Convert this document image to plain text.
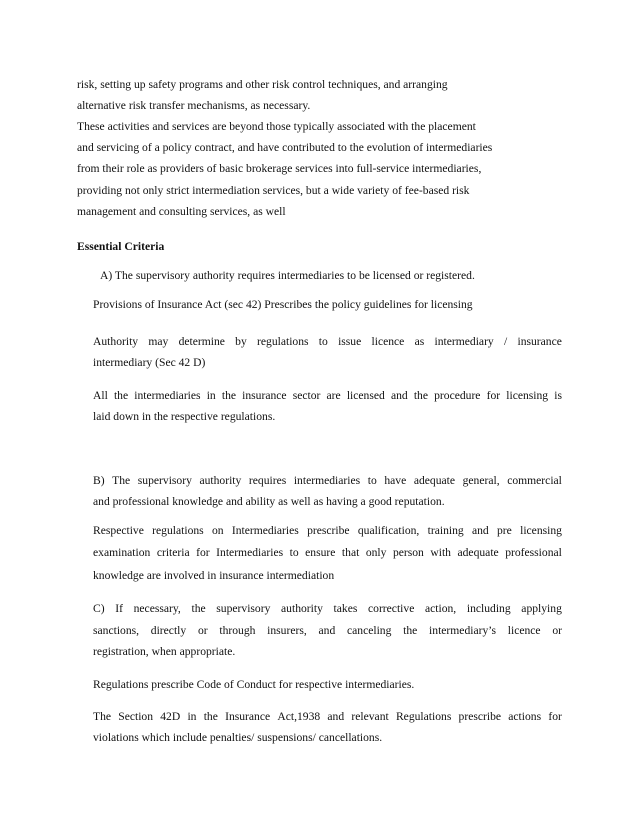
risk, setting up safety programs and other risk control techniques, and arranging
alternative risk transfer mechanisms, as necessary.
These activities and services are beyond those typically associated with the placement
and servicing of a policy contract, and have contributed to the evolution of intermediaries
from their role as providers of basic brokerage services into full-service intermediaries,
providing not only strict intermediation services, but a wide variety of fee-based risk
management and consulting services, as well
Essential Criteria
A) The supervisory authority requires intermediaries to be licensed or registered.
Provisions of Insurance Act (sec 42) Prescribes the policy guidelines for licensing
Authority may determine by regulations to issue licence as intermediary / insurance
intermediary (Sec 42 D)
All the intermediaries in the insurance sector are licensed and the procedure for licensing is
laid down in the respective regulations.
B) The supervisory authority requires intermediaries to have adequate general, commercial
and professional knowledge and ability as well as having a good reputation.
Respective regulations on Intermediaries prescribe qualification, training and pre licensing
examination criteria for Intermediaries to ensure that only person with adequate professional
knowledge are involved in insurance intermediation
C) If necessary, the supervisory authority takes corrective action, including applying
sanctions, directly or through insurers, and canceling the intermediary’s licence or
registration, when appropriate.
Regulations prescribe Code of Conduct for respective intermediaries.
The Section 42D in the Insurance Act,1938 and relevant Regulations prescribe actions for
violations which include penalties/ suspensions/ cancellations.
